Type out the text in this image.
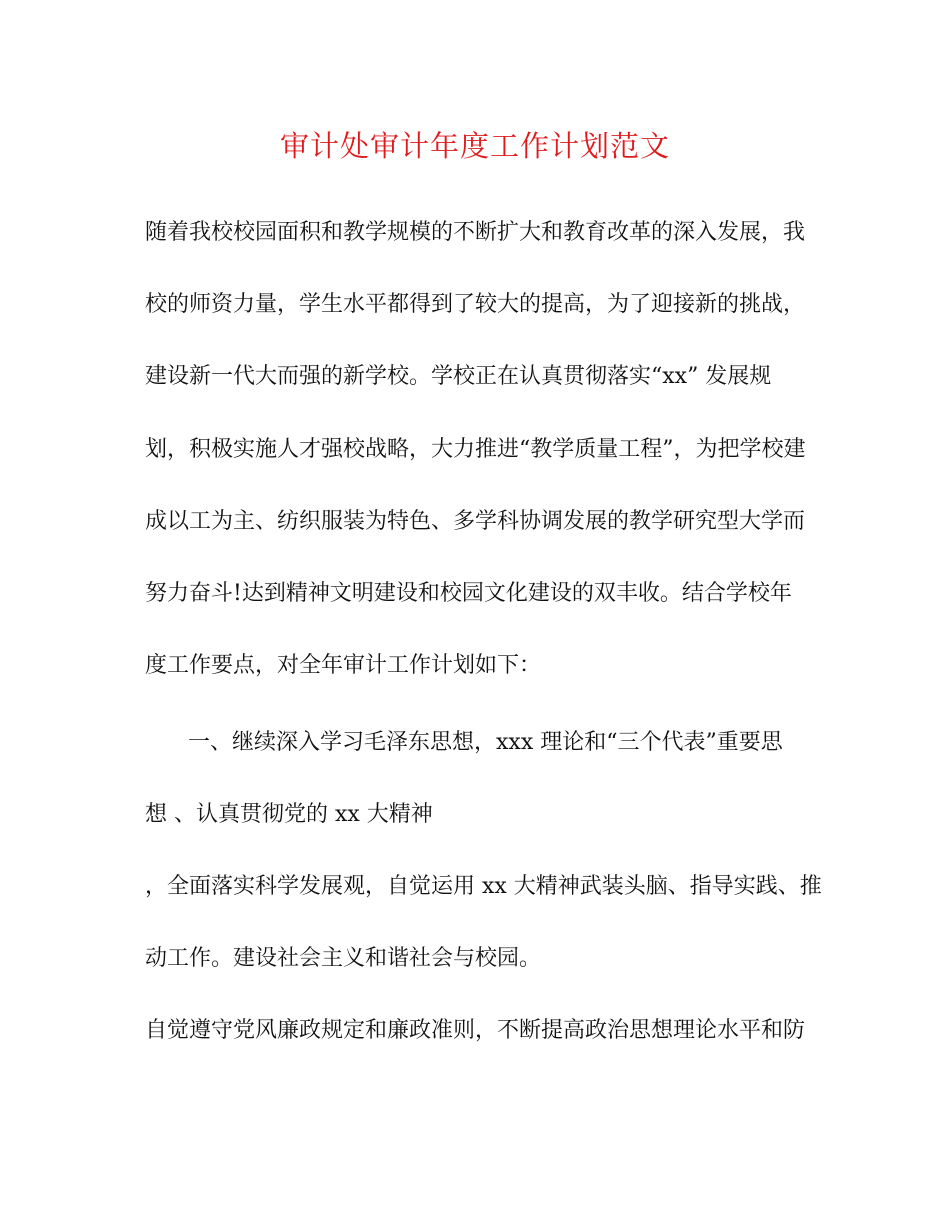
审计处审计年度工作计划范文
随着我校校园面积和教学规模的不断扩大和教育改革的深入发展，我
校的师资力量，学生水平都得到了较大的提高，为了迎接新的挑战，
建设新一代大而强的新学校。学校正在认真贯彻落实“xx” 发展规
划，积极实施人才强校战略，大力推进“教学质量工程”，为把学校建
成以工为主、纺织服装为特色、多学科协调发展的教学研究型大学而
努力奋斗!达到精神文明建设和校园文化建设的双丰收。结合学校年
度工作要点，对全年审计工作计划如下：
一、继续深入学习毛泽东思想，xxx 理论和“三个代表”重要思
想 、认真贯彻党的 xx 大精神
，全面落实科学发展观，自觉运用 xx 大精神武装头脑、指导实践、推
动工作。建设社会主义和谐社会与校园。
自觉遵守党风廉政规定和廉政准则，不断提高政治思想理论水平和防
